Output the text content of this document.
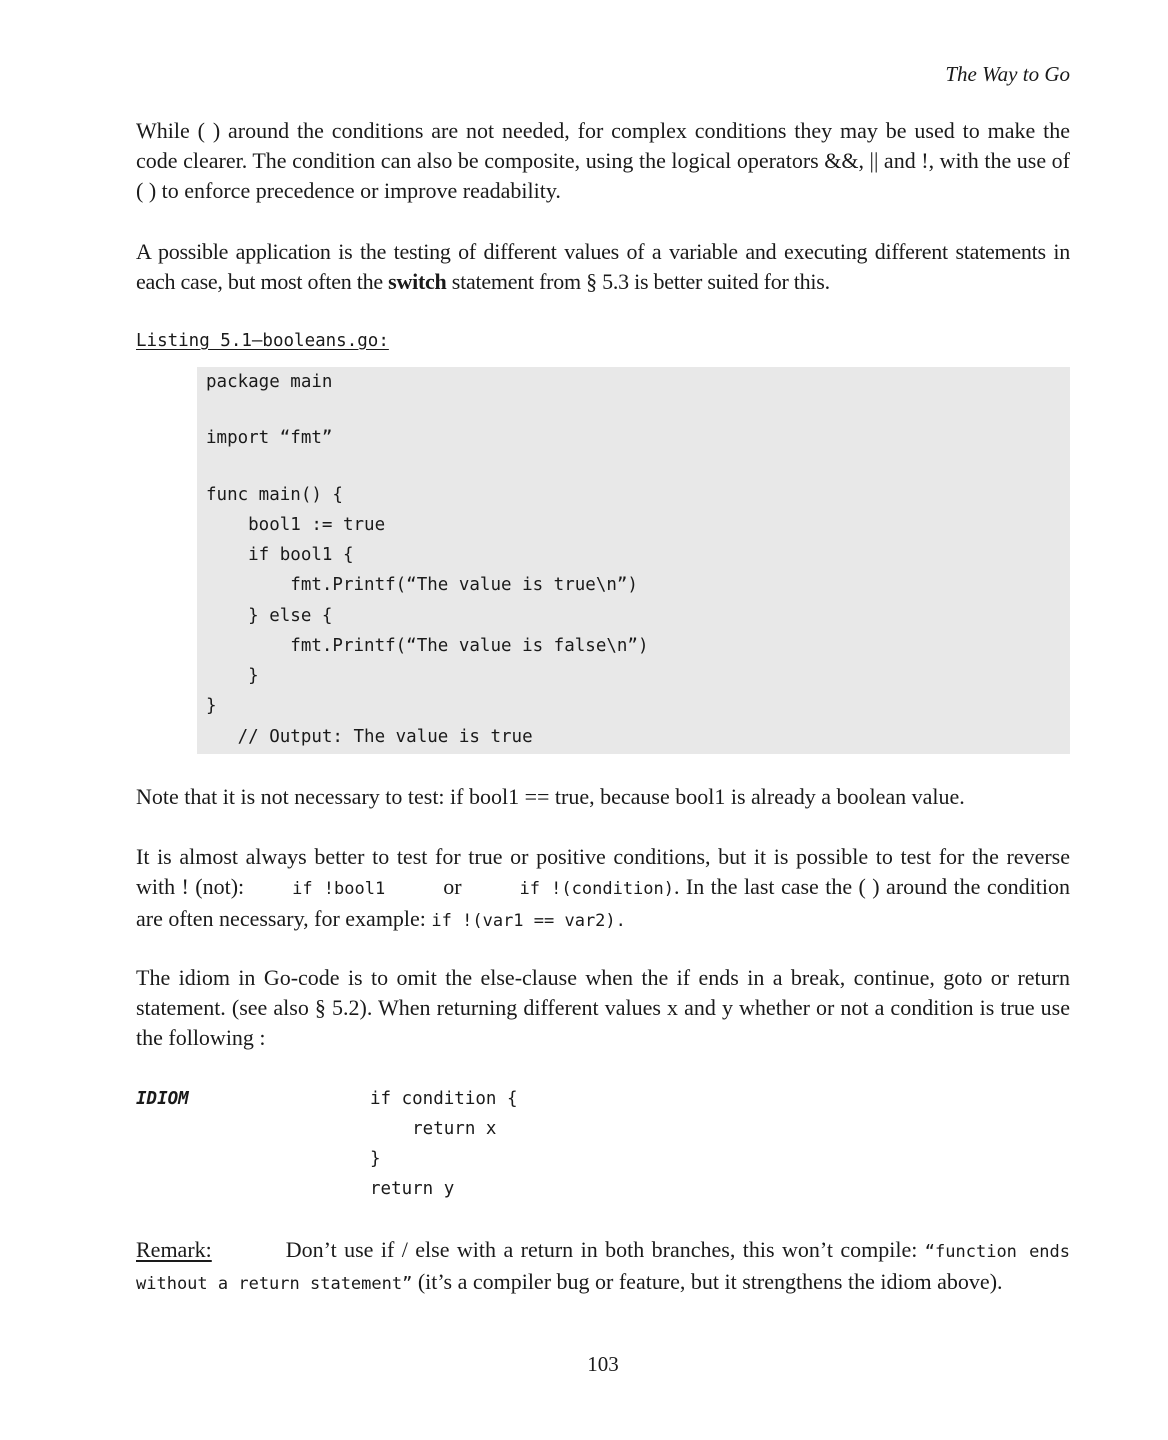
The Way to Go

While ( ) around the conditions are not needed, for complex conditions they may be used to make the code clearer. The condition can also be composite, using the logical operators &&, || and !, with the use of ( ) to enforce precedence or improve readability.

A possible application is the testing of different values of a variable and executing different statements in each case, but most often the switch statement from § 5.3 is better suited for this.

Listing 5.1—booleans.go:
package main
import “fmt”
func main() {
bool1 := true
if bool1 {
fmt.Printf(“The value is true\n”)
} else {
fmt.Printf(“The value is false\n”)
}
}
// Output: The value is true

Note that it is not necessary to test: if bool1 == true, because bool1 is already a boolean value.

It is almost always better to test for true or positive conditions, but it is possible to test for the reverse with ! (not):	if !bool1	or	if !(condition). In the last case the ( ) around the condition are often necessary, for example: if !(var1 == var2).

The idiom in Go-code is to omit the else-clause when the if ends in a break, continue, goto or return statement. (see also § 5.2). When returning different values x and y whether or not a condition is true use the following :

IDIOM	if condition {
return x
}
return y

Remark:	Don’t use if / else with a return in both branches, this won’t compile: “function ends without a return statement” (it’s a compiler bug or feature, but it strengthens the idiom above).

103
